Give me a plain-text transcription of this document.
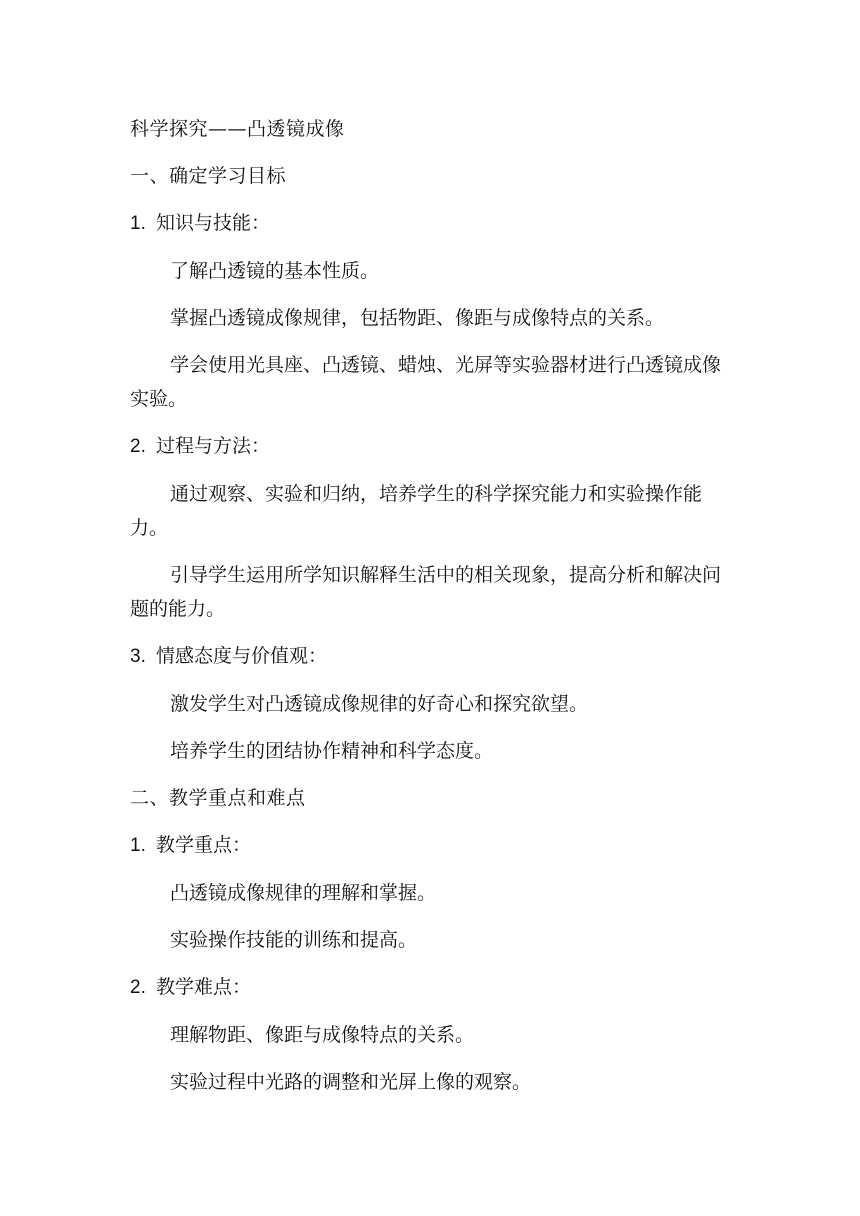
科学探究——凸透镜成像

一、确定学习目标

1. 知识与技能：

了解凸透镜的基本性质。

掌握凸透镜成像规律，包括物距、像距与成像特点的关系。

学会使用光具座、凸透镜、蜡烛、光屏等实验器材进行凸透镜成像实验。

2. 过程与方法：

通过观察、实验和归纳，培养学生的科学探究能力和实验操作能力。

引导学生运用所学知识解释生活中的相关现象，提高分析和解决问题的能力。

3. 情感态度与价值观：

激发学生对凸透镜成像规律的好奇心和探究欲望。

培养学生的团结协作精神和科学态度。

二、教学重点和难点

1. 教学重点：

凸透镜成像规律的理解和掌握。

实验操作技能的训练和提高。

2. 教学难点：

理解物距、像距与成像特点的关系。

实验过程中光路的调整和光屏上像的观察。
